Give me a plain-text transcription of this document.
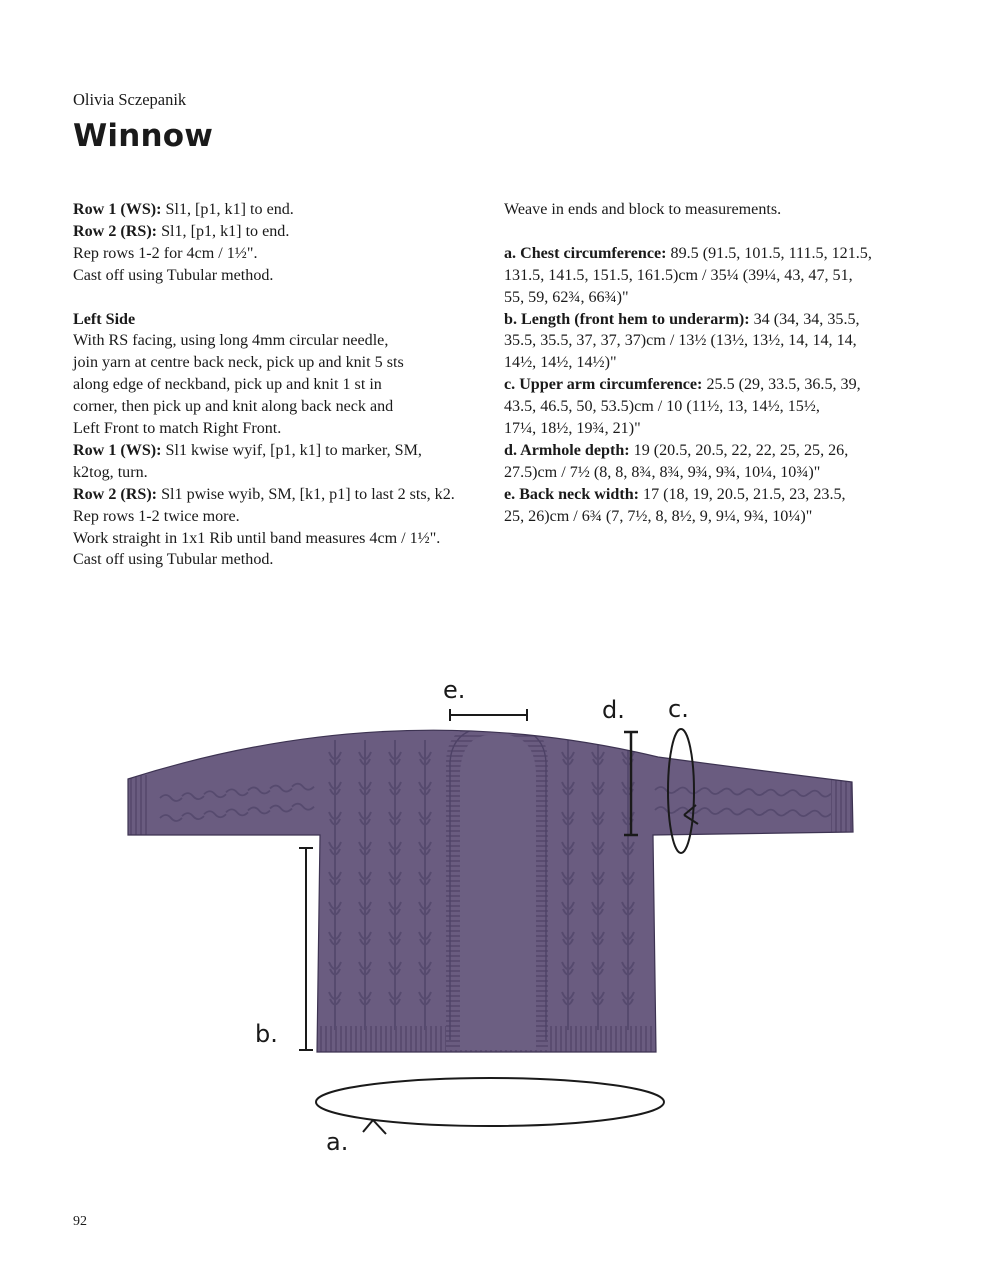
Olivia Sczepanik
Winnow
Row 1 (WS): Sl1, [p1, k1] to end.
Row 2 (RS): Sl1, [p1, k1] to end.
Rep rows 1-2 for 4cm / 1½".
Cast off using Tubular method.
Left Side
With RS facing, using long 4mm circular needle,
join yarn at centre back neck, pick up and knit 5 sts
along edge of neckband, pick up and knit 1 st in
corner, then pick up and knit along back neck and
Left Front to match Right Front.
Row 1 (WS): Sl1 kwise wyif, [p1, k1] to marker, SM,
k2tog, turn.
Row 2 (RS): Sl1 pwise wyib, SM, [k1, p1] to last 2 sts, k2.
Rep rows 1-2 twice more.
Work straight in 1x1 Rib until band measures 4cm / 1½".
Cast off using Tubular method.
Weave in ends and block to measurements.
a. Chest circumference: 89.5 (91.5, 101.5, 111.5, 121.5,
131.5, 141.5, 151.5, 161.5)cm / 35¼ (39¼, 43, 47, 51,
55, 59, 62¾, 66¾)"
b. Length (front hem to underarm): 34 (34, 34, 35.5,
35.5, 35.5, 37, 37, 37)cm / 13½ (13½, 13½, 14, 14, 14,
14½, 14½, 14½)"
c. Upper arm circumference: 25.5 (29, 33.5, 36.5, 39,
43.5, 46.5, 50, 53.5)cm / 10 (11½, 13, 14½, 15½,
17¼, 18½, 19¾, 21)"
d. Armhole depth: 19 (20.5, 20.5, 22, 22, 25, 25, 26,
27.5)cm / 7½ (8, 8, 8¾, 8¾, 9¾, 9¾, 10¼, 10¾)"
e. Back neck width: 17 (18, 19, 20.5, 21.5, 23, 23.5,
25, 26)cm / 6¾ (7, 7½, 8, 8½, 9, 9¼, 9¾, 10¼)"
e.
d. c.
b.
a.
92
